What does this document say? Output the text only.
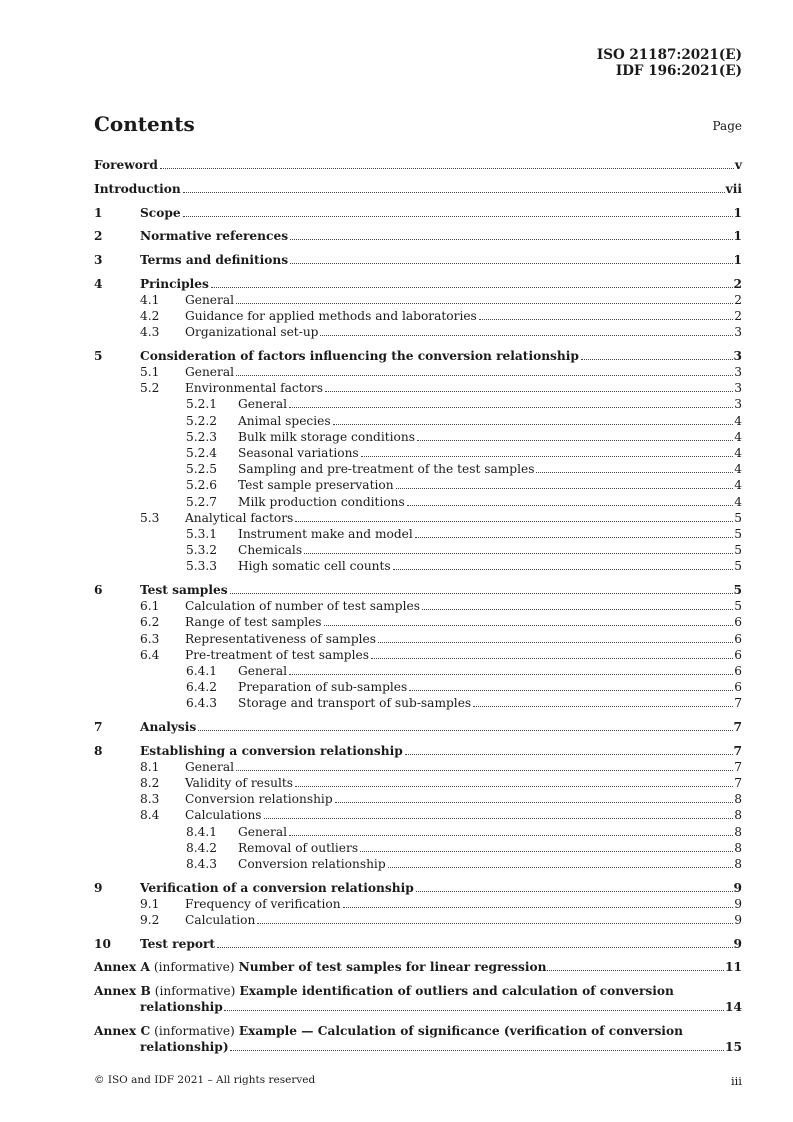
ISO 21187:2021(E)
IDF 196:2021(E)
Contents	Page
Foreword	v
Introduction	vii
1	Scope	1
2	Normative references	1
3	Terms and definitions	1
4	Principles	2
4.1 General	2
4.2 Guidance for applied methods and laboratories	2
4.3 Organizational set-up	3
5	Consideration of factors influencing the conversion relationship	3
5.1 General	3
5.2 Environmental factors	3
5.2.1 General	3
5.2.2 Animal species	4
5.2.3 Bulk milk storage conditions	4
5.2.4 Seasonal variations	4
5.2.5 Sampling and pre-treatment of the test samples	4
5.2.6 Test sample preservation	4
5.2.7 Milk production conditions	4
5.3 Analytical factors	5
5.3.1 Instrument make and model	5
5.3.2 Chemicals	5
5.3.3 High somatic cell counts	5
6	Test samples	5
6.1 Calculation of number of test samples	5
6.2 Range of test samples	6
6.3 Representativeness of samples	6
6.4 Pre-treatment of test samples	6
6.4.1 General	6
6.4.2 Preparation of sub-samples	6
6.4.3 Storage and transport of sub-samples	7
7	Analysis	7
8	Establishing a conversion relationship	7
8.1 General	7
8.2 Validity of results	7
8.3 Conversion relationship	8
8.4 Calculations	8
8.4.1 General	8
8.4.2 Removal of outliers	8
8.4.3 Conversion relationship	8
9	Verification of a conversion relationship	9
9.1 Frequency of verification	9
9.2 Calculation	9
10 Test report	9
Annex A (informative) Number of test samples for linear regression	11
Annex B (informative) Example identification of outliers and calculation of conversion
relationship	14
Annex C (informative) Example — Calculation of significance (verification of conversion
relationship)	15
© ISO and IDF 2021 – All rights reserved	iii
